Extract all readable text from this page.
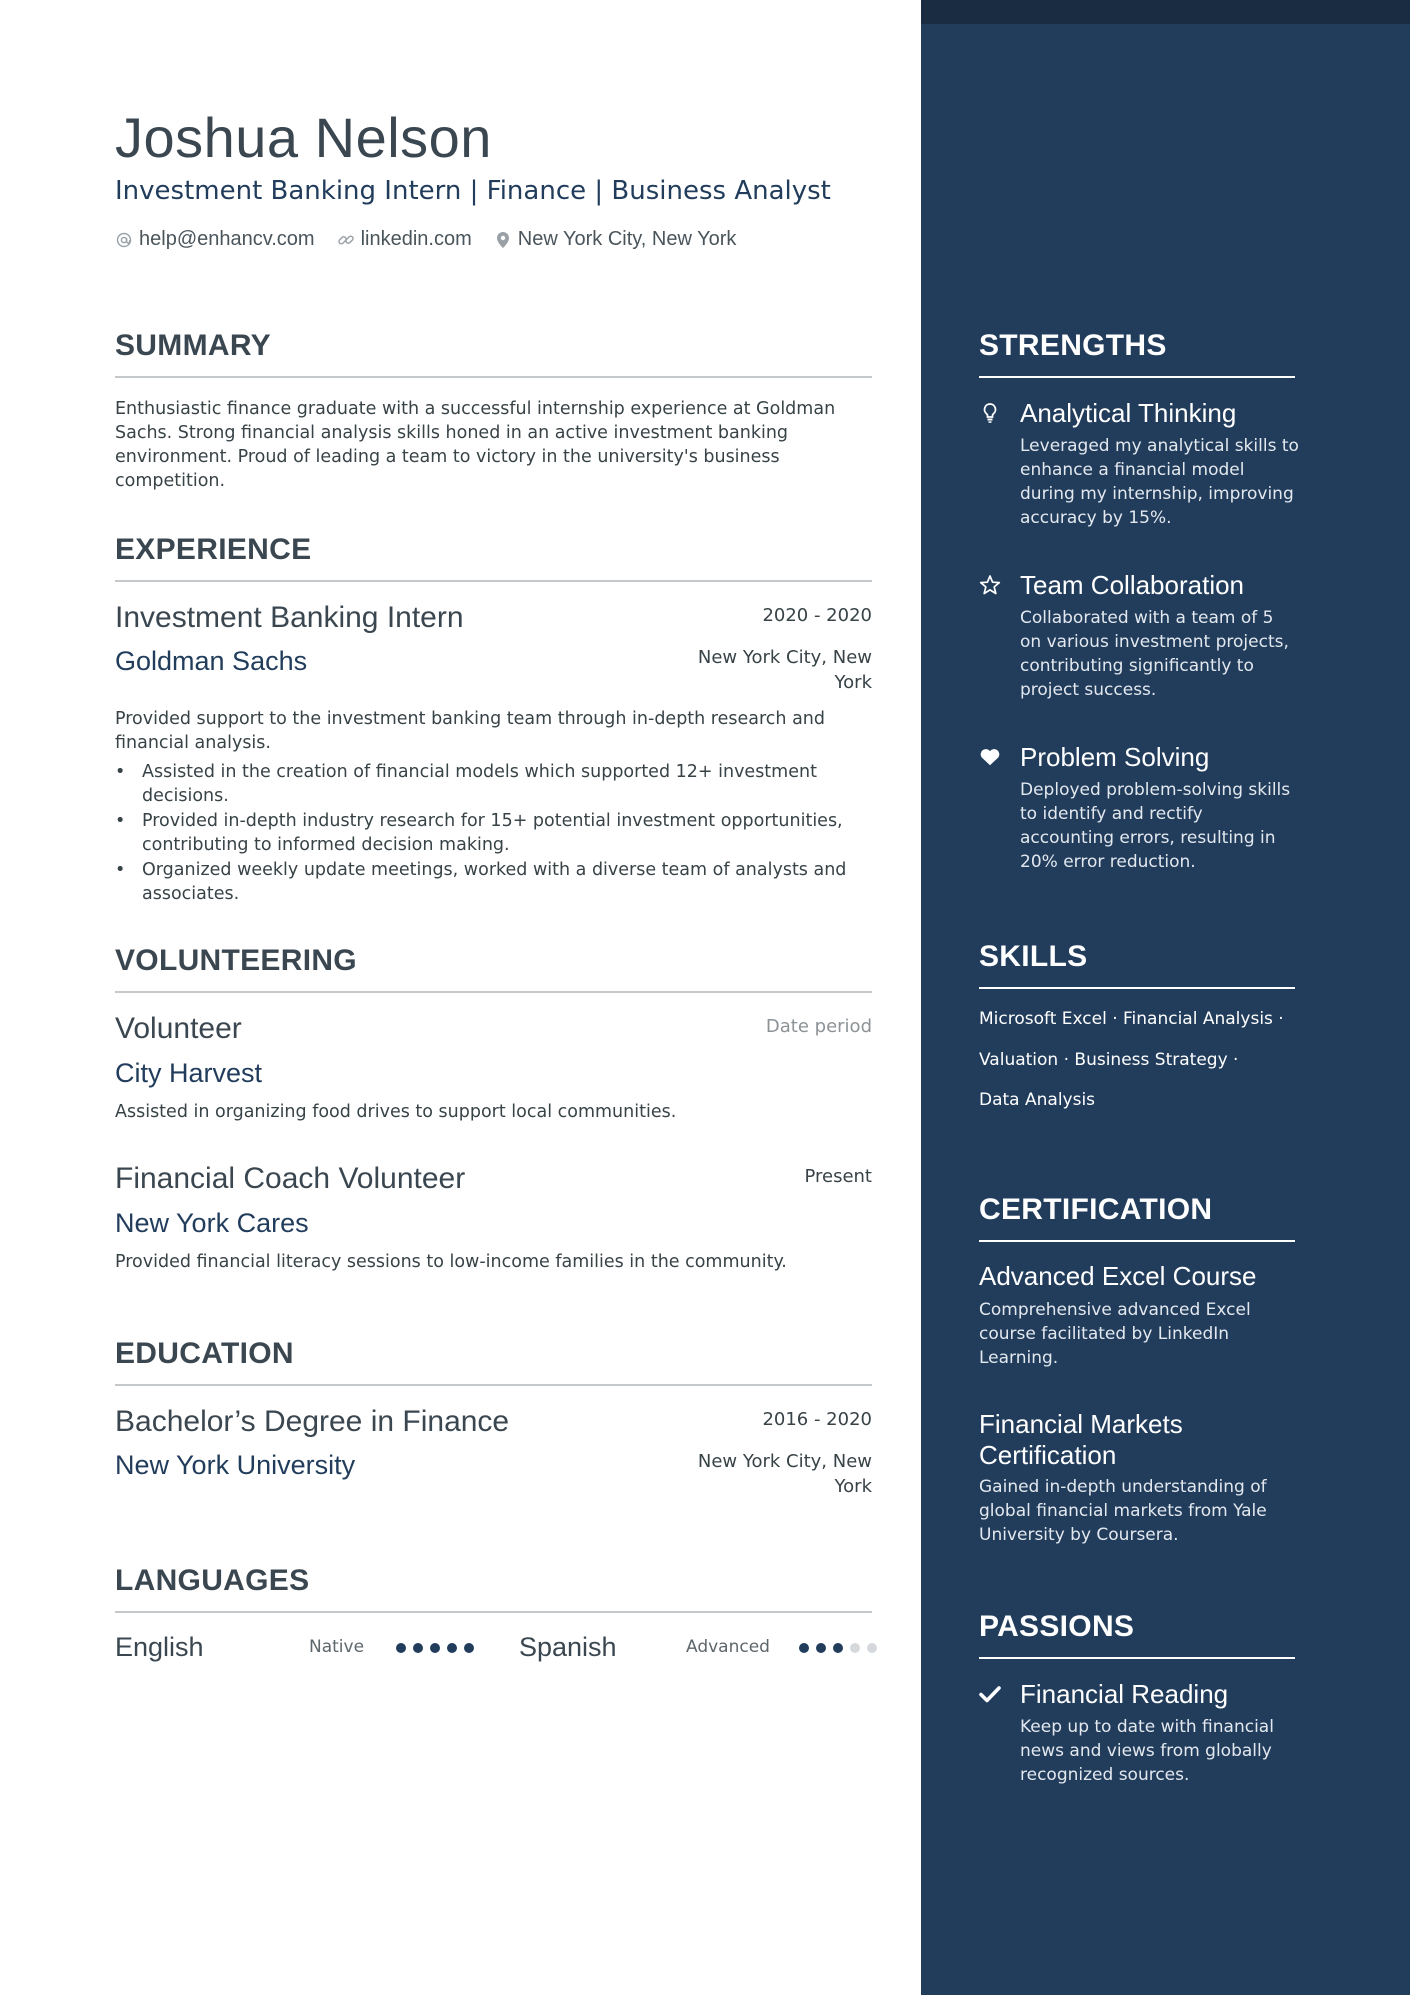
Joshua Nelson
Investment Banking Intern | Finance | Business Analyst
help@enhancv.com linkedin.com New York City, New York
SUMMARY

Enthusiastic finance graduate with a successful internship experience at Goldman Sachs. Strong financial analysis skills honed in an active investment banking environment. Proud of leading a team to victory in the university's business competition.

EXPERIENCE
Investment Banking Intern	2020 - 2020
Goldman Sachs	New York City, New York

Provided support to the investment banking team through in-depth research and financial analysis.

• Assisted in the creation of financial models which supported 12+ investment decisions.
• Provided in-depth industry research for 15+ potential investment opportunities, contributing to informed decision making.
• Organized weekly update meetings, worked with a diverse team of analysts and associates.
VOLUNTEERING
Volunteer	Date period
City Harvest

Assisted in organizing food drives to support local communities.

Financial Coach Volunteer	Present
New York Cares

Provided financial literacy sessions to low-income families in the community.

EDUCATION
Bachelor’s Degree in Finance	2016 - 2020
New York University	New York City, New York
LANGUAGES
English	Native	Spanish	Advanced
STRENGTHS
Analytical Thinking

Leveraged my analytical skills to enhance a financial model during my internship, improving accuracy by 15%.

Team Collaboration

Collaborated with a team of 5 on various investment projects, contributing significantly to project success.

Problem Solving

Deployed problem-solving skills to identify and rectify accounting errors, resulting in 20% error reduction.

SKILLS
Microsoft Excel · Financial Analysis ·
Valuation · Business Strategy ·
Data Analysis
CERTIFICATION
Advanced Excel Course

Comprehensive advanced Excel course facilitated by LinkedIn Learning.

Financial Markets Certification

Gained in-depth understanding of global financial markets from Yale University by Coursera.

PASSIONS
Financial Reading

Keep up to date with financial news and views from globally recognized sources.
